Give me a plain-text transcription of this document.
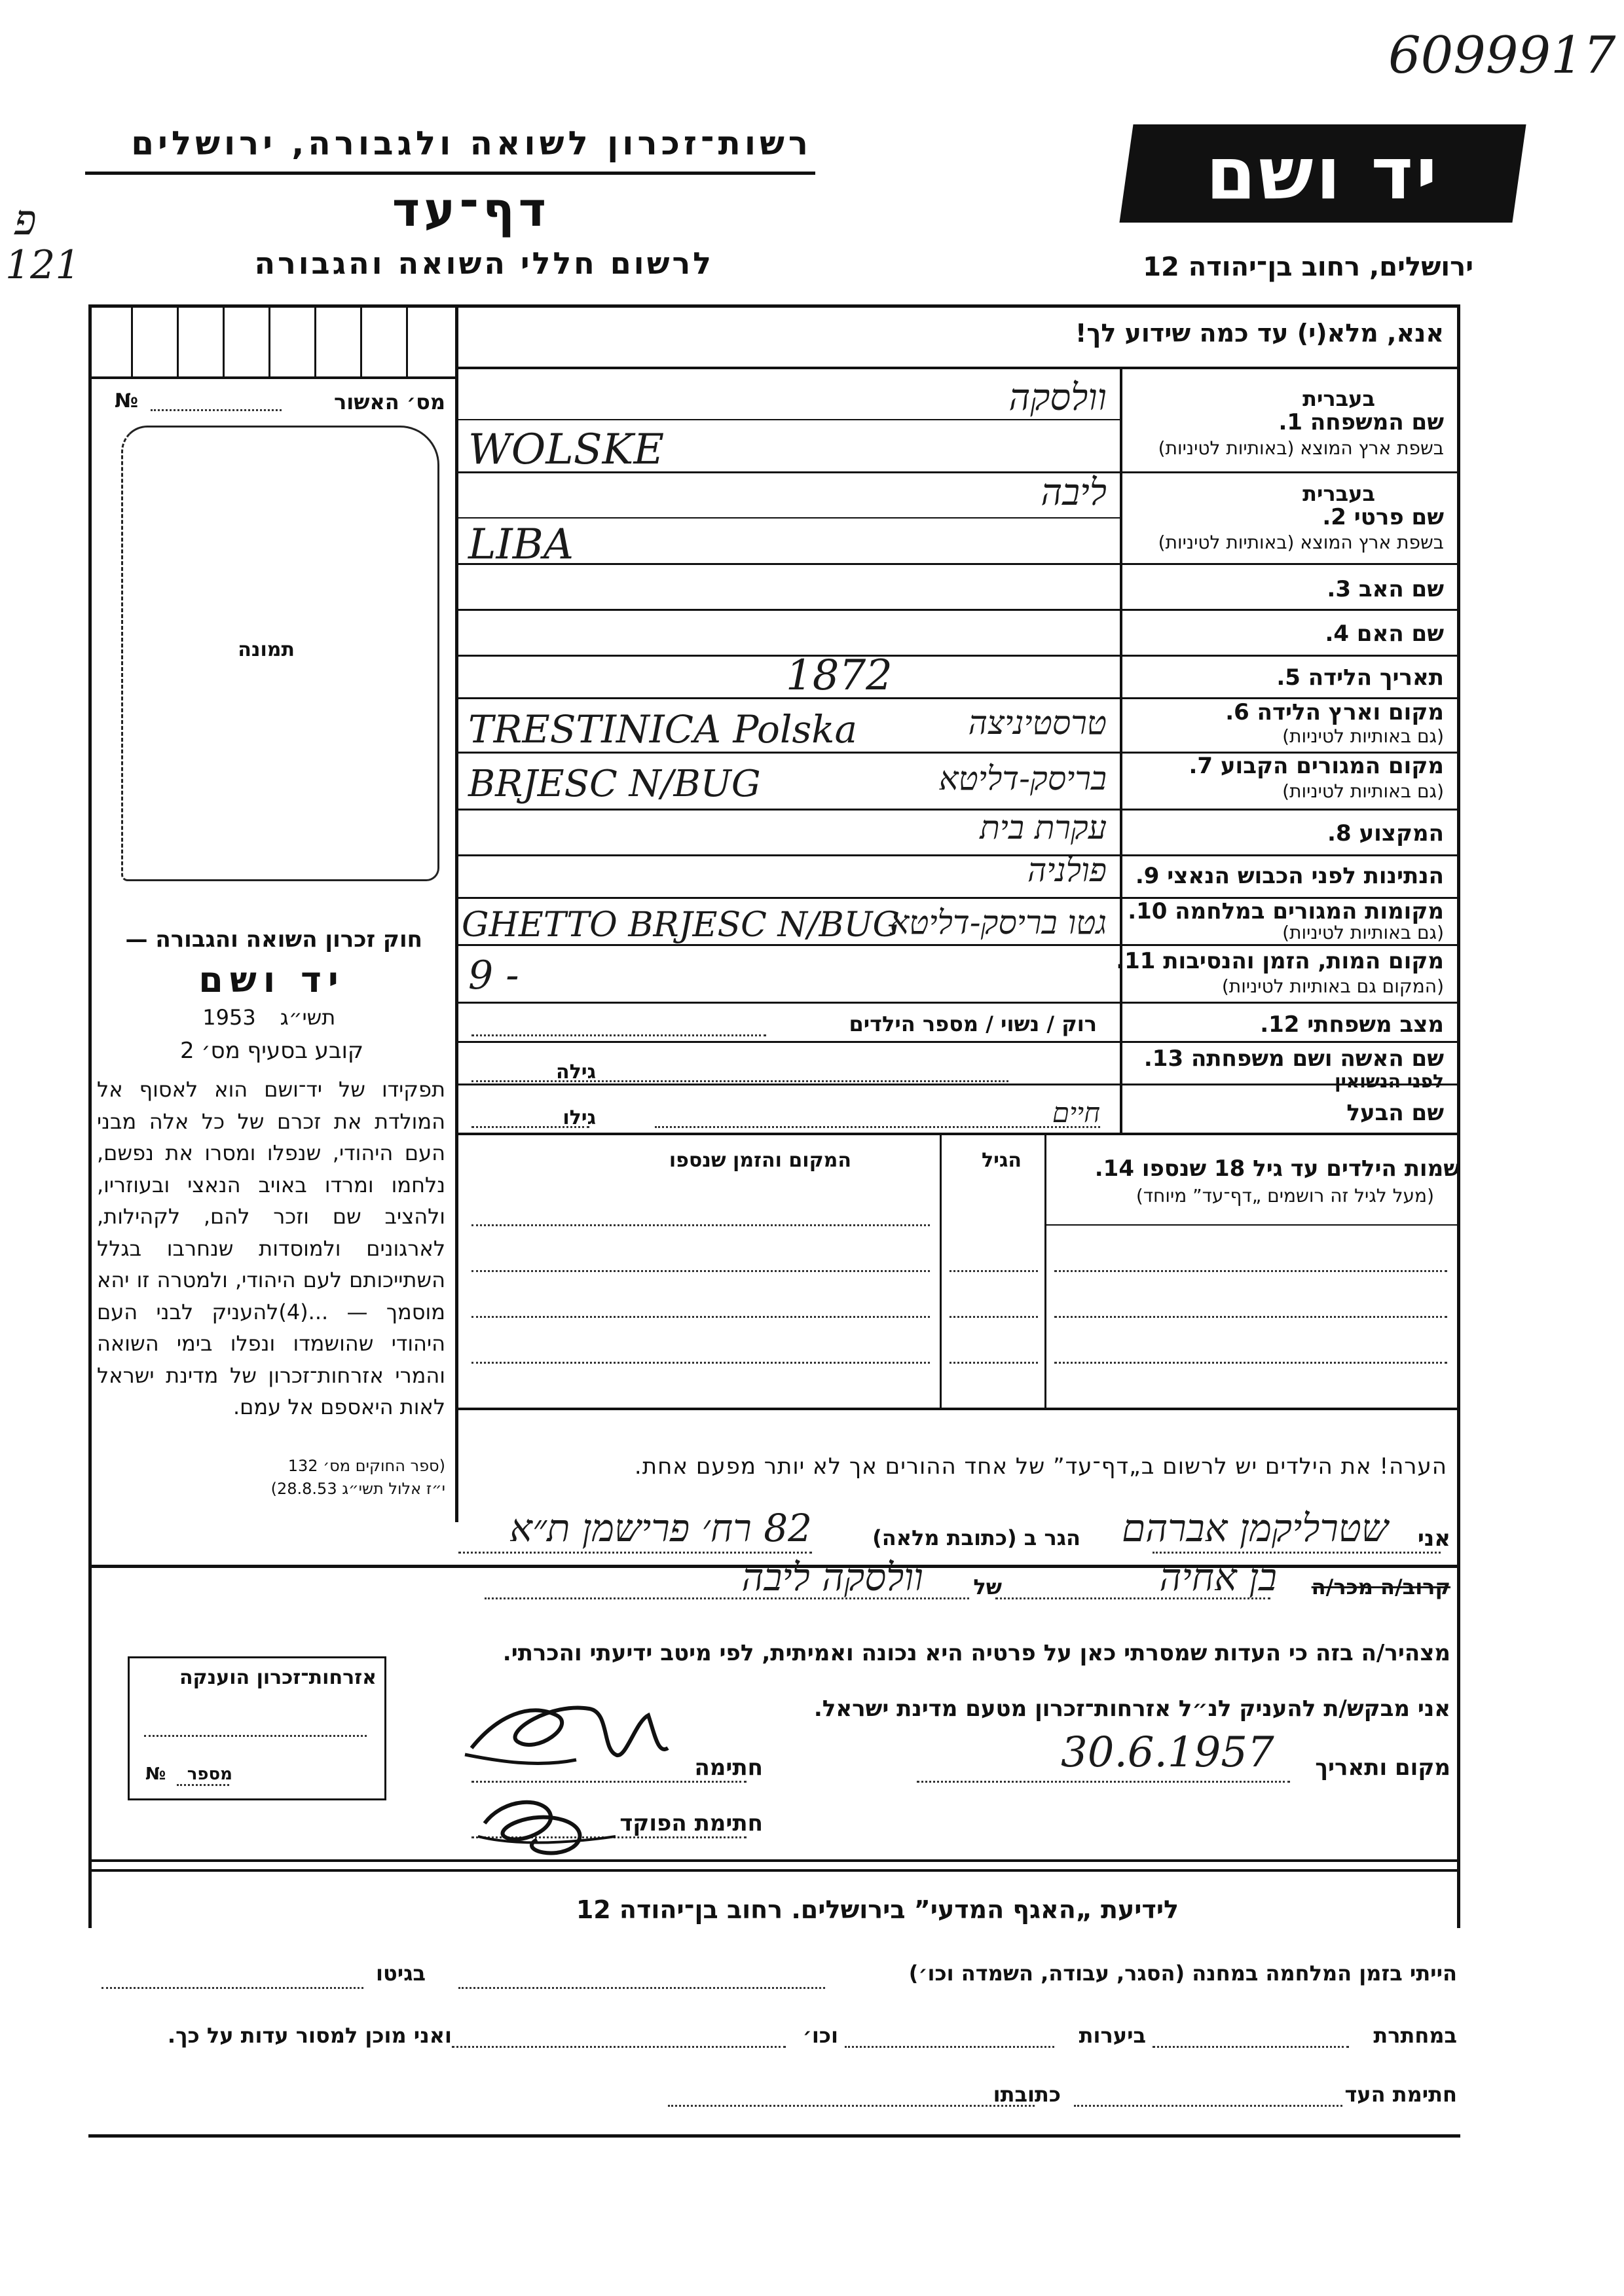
6099917
פ
121
רשות־זכרון לשואה ולגבורה, ירושלים
דף־עד
לרשום חללי השואה והגבורה
יד ושם
ירושלים, רחוב בן־יהודה 12
אנא, מלא(י) עד כמה שידוע לך!
מס׳ האשור
№
תמונה
בעברית
שם המשפחה 1.
בשפת ארץ המוצא (באותיות לטיניות)
בעברית
שם פרטי 2.
בשפת ארץ המוצא (באותיות לטיניות)
שם האב 3.
שם האם 4.
תאריך הלידה 5.
מקום וארץ הלידה 6.
(גם באותיות לטיניות)
מקום המגורים הקבוע 7.
(גם באותיות לטיניות)
המקצוע 8.
הנתינות לפני הכבוש הנאצי 9.
מקומות המגורים במלחמה 10.
(גם באותיות לטיניות)
מקום המות, הזמן והנסיבות 11.
(המקום גם באותיות לטיניות)
מצב משפחתי 12.
שם האשה ושם משפחתה 13.
לפני הנשואין
שם הבעל
וולסקה
WOLSKE
ליבה
LIBA
1872
טרסטיניצה
TRESTINICA Polska
בריסק-דליטא
BRJESC N/BUG
עקרת בית
פולניה
גטו בריסק-דליטא
GHETTO BRJESC N/BUG
9 -
רוק / נשוי / מספר הילדים
גילה
חיים
גילו
שמות הילדים עד גיל 18 שנספו 14.
(מעל לגיל זה רושמים „דף־עד” מיוחד)
הגיל
המקום והזמן שנספו
הערה! את הילדים יש לרשום ב„דף־עד” של אחד ההורים אך לא יותר מפעם אחת.
חוק זכרון השואה והגבורה —
יד ושם
תשי״ג
1953
קובע בסעיף מס׳ 2
תפקידו של יד־ושם הוא לאסוף אל המולדת את זכרם של כל אלה מבני העם היהודי, שנפלו ומסרו את נפשם, נלחמו ומרדו באויב הנאצי ובעוזריו, ולהציב שם וזכר להם, לקהילות, לארגונים ולמוסדות שנחרבו בגלל השתייכותם לעם היהודי, ולמטרה זו יהא מוסמך — ...(4)להעניק לבני העם היהודי שהושמדו ונפלו בימי השואה והמרי אזרחות־זכרון של מדינת ישראל לאות היאספם אל עמם.
(ספר החוקים מס׳ 132
י״ז אלול תשי״ג 28.8.53)
אני
שטרליקמן אברהם
הגר ב (כתובת מלאה)
82 רח׳ פרישמן ת״א
קרוב/ה מכר/ה
בן אחיה
של
וולסקה ליבה
מצהיר/ה בזה כי העדות שמסרתי כאן על פרטיה היא נכונה ואמיתית, לפי מיטב ידיעתי והכרתי.
אני מבקש/ת להעניק לנ״ל אזרחות־זכרון מטעם מדינת ישראל.
מקום ותאריך
30.6.1957
חתימה
חתימת הפוקד
אזרחות־זכרון הוענקה
מספר
№
לידיעת „האגף המדעי” בירושלים. רחוב בן־יהודה 12
הייתי בזמן המלחמה במחנה (הסגר, עבודה, השמדה וכו׳)
בגיטו
במחתרת
ביערות
וכו׳
ואני מוכן למסור עדות על כך.
חתימת העד
כתובתו
